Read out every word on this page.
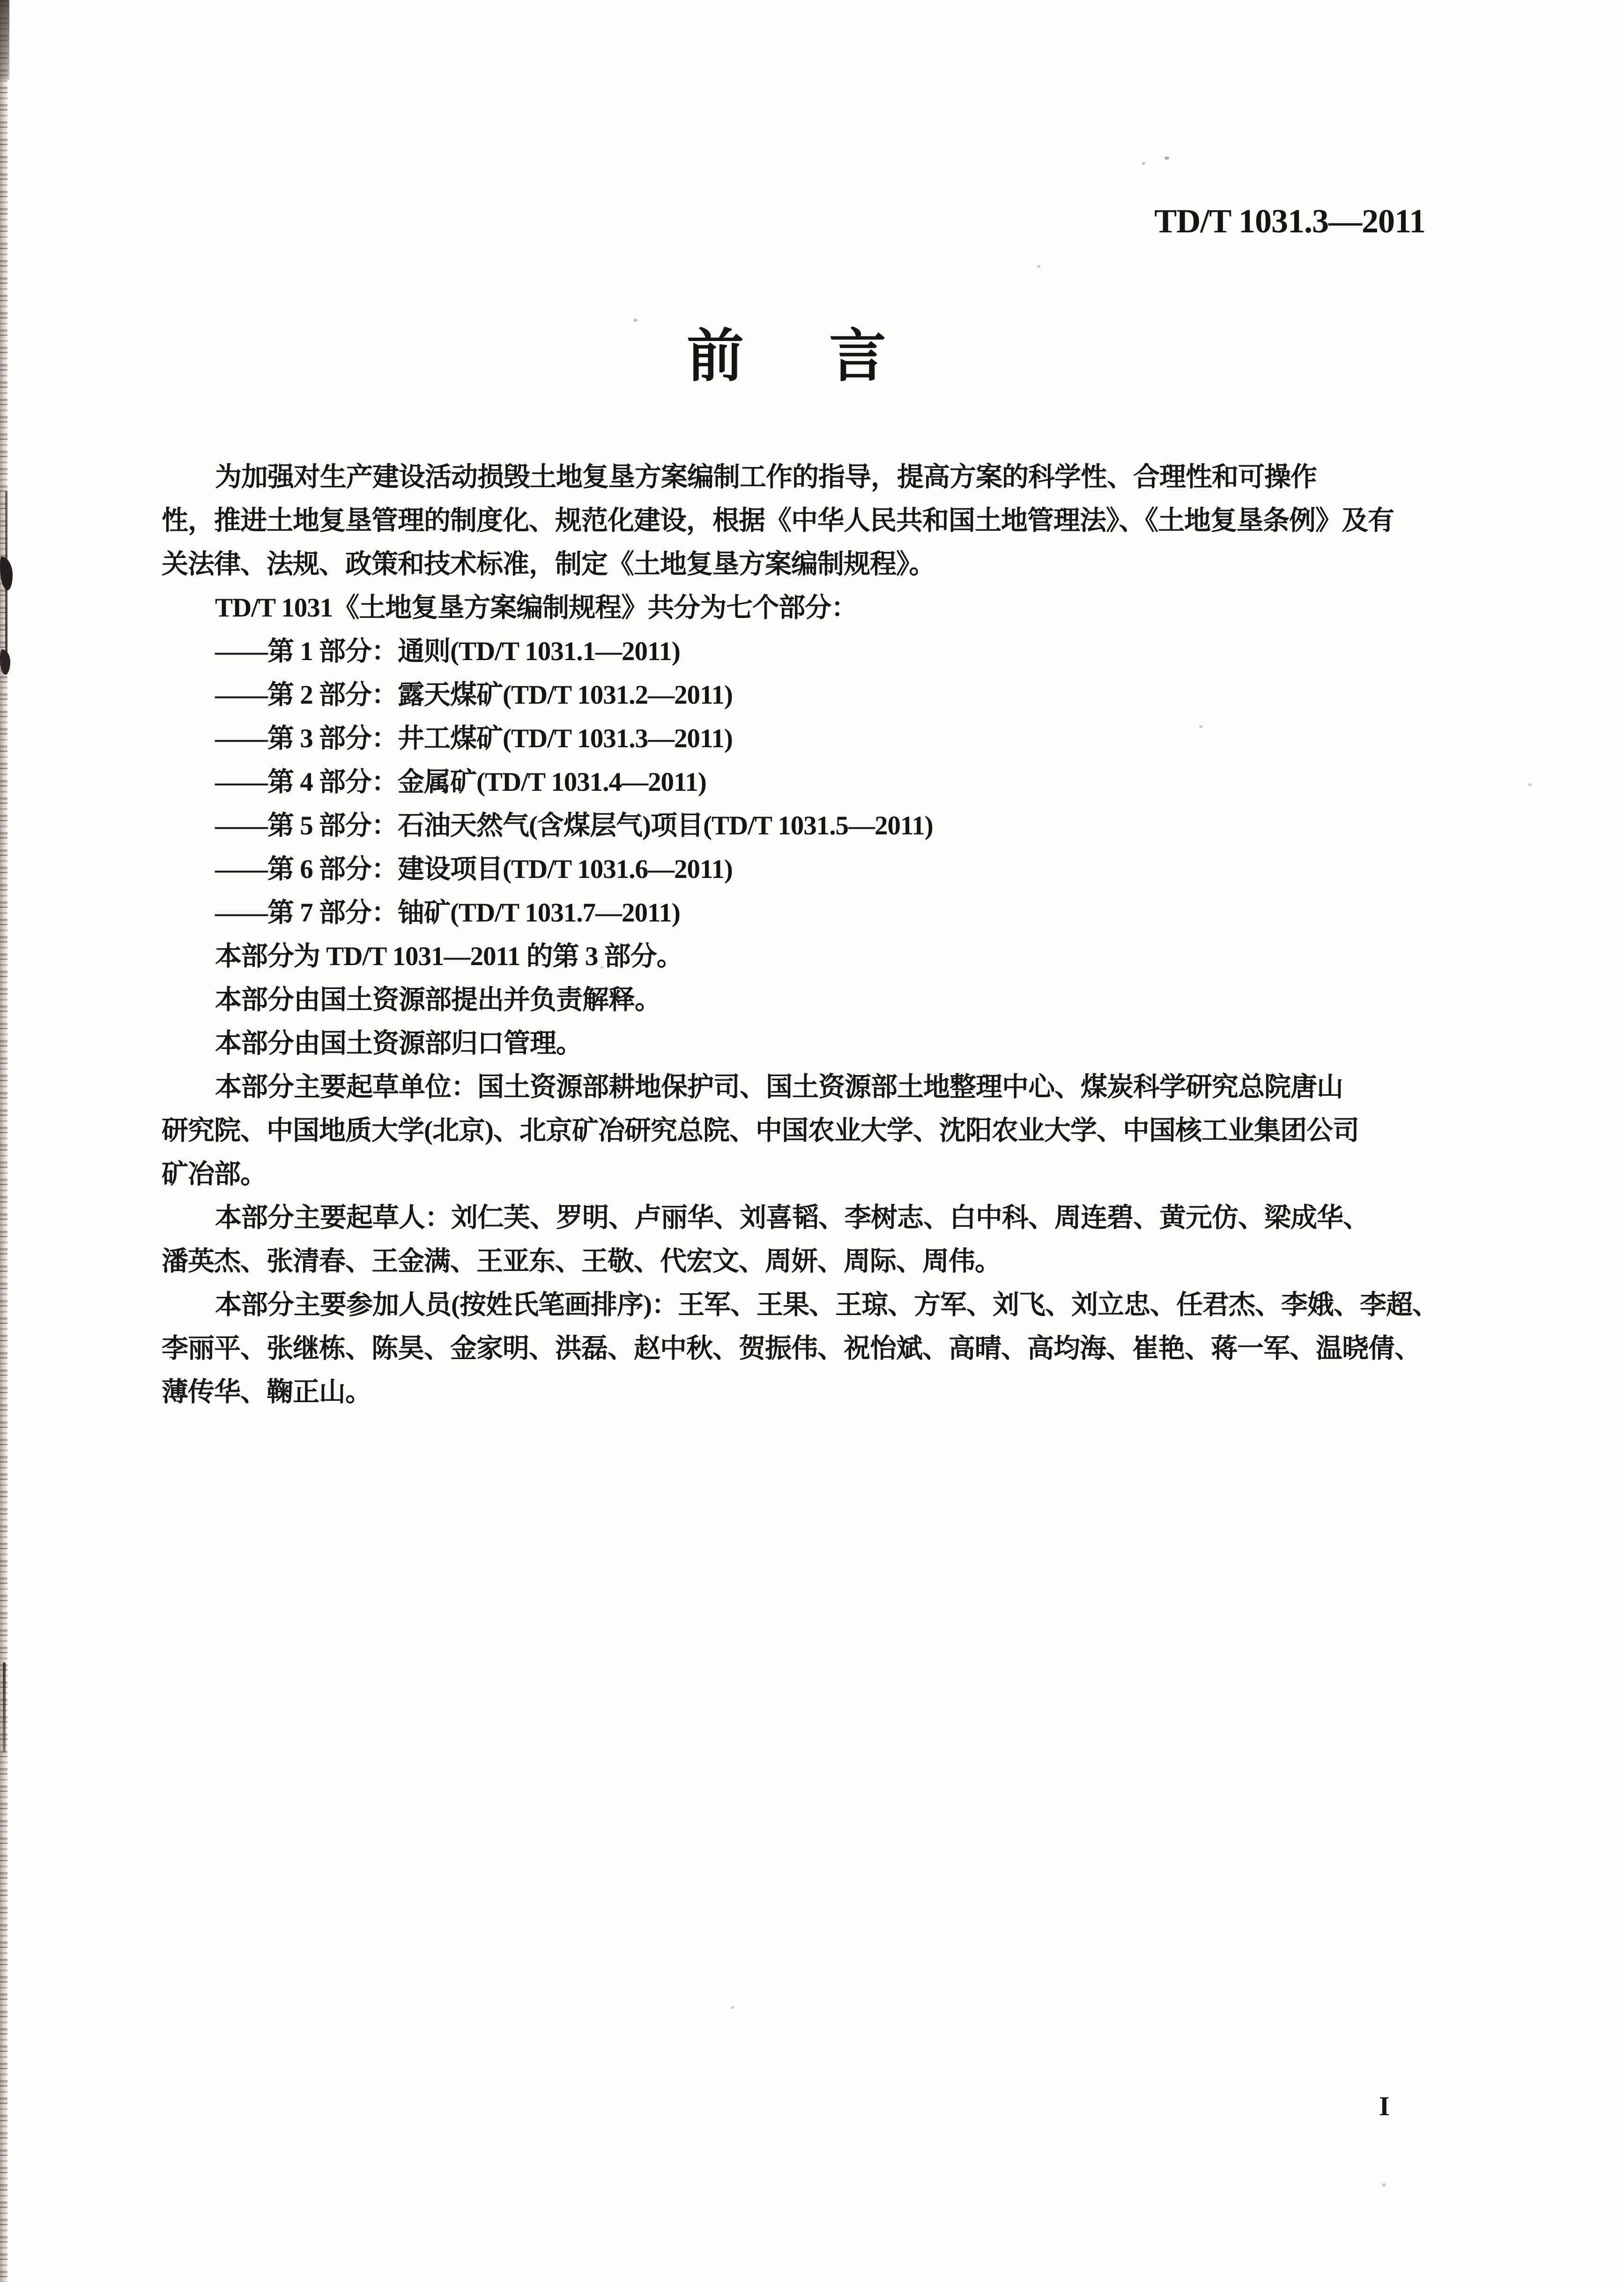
TD/T 1031.3—2011
前　言
为加强对生产建设活动损毁土地复垦方案编制工作的指导，提高方案的科学性、合理性和可操作
性，推进土地复垦管理的制度化、规范化建设，根据《中华人民共和国土地管理法》、《土地复垦条例》及有
关法律、法规、政策和技术标准，制定《土地复垦方案编制规程》。
TD/T 1031《土地复垦方案编制规程》共分为七个部分：
——第 1 部分：通则(TD/T 1031.1—2011)
——第 2 部分：露天煤矿(TD/T 1031.2—2011)
——第 3 部分：井工煤矿(TD/T 1031.3—2011)
——第 4 部分：金属矿(TD/T 1031.4—2011)
——第 5 部分：石油天然气(含煤层气)项目(TD/T 1031.5—2011)
——第 6 部分：建设项目(TD/T 1031.6—2011)
——第 7 部分：铀矿(TD/T 1031.7—2011)
本部分为 TD/T 1031—2011 的第 3 部分。
本部分由国土资源部提出并负责解释。
本部分由国土资源部归口管理。
本部分主要起草单位：国土资源部耕地保护司、国土资源部土地整理中心、煤炭科学研究总院唐山
研究院、中国地质大学(北京)、北京矿冶研究总院、中国农业大学、沈阳农业大学、中国核工业集团公司
矿冶部。
本部分主要起草人：刘仁芙、罗明、卢丽华、刘喜韬、李树志、白中科、周连碧、黄元仿、梁成华、
潘英杰、张清春、王金满、王亚东、王敬、代宏文、周妍、周际、周伟。
本部分主要参加人员(按姓氏笔画排序)：王军、王果、王琼、方军、刘飞、刘立忠、任君杰、李娥、李超、
李丽平、张继栋、陈昊、金家明、洪磊、赵中秋、贺振伟、祝怡斌、高晴、高均海、崔艳、蒋一军、温晓倩、
薄传华、鞠正山。
I
